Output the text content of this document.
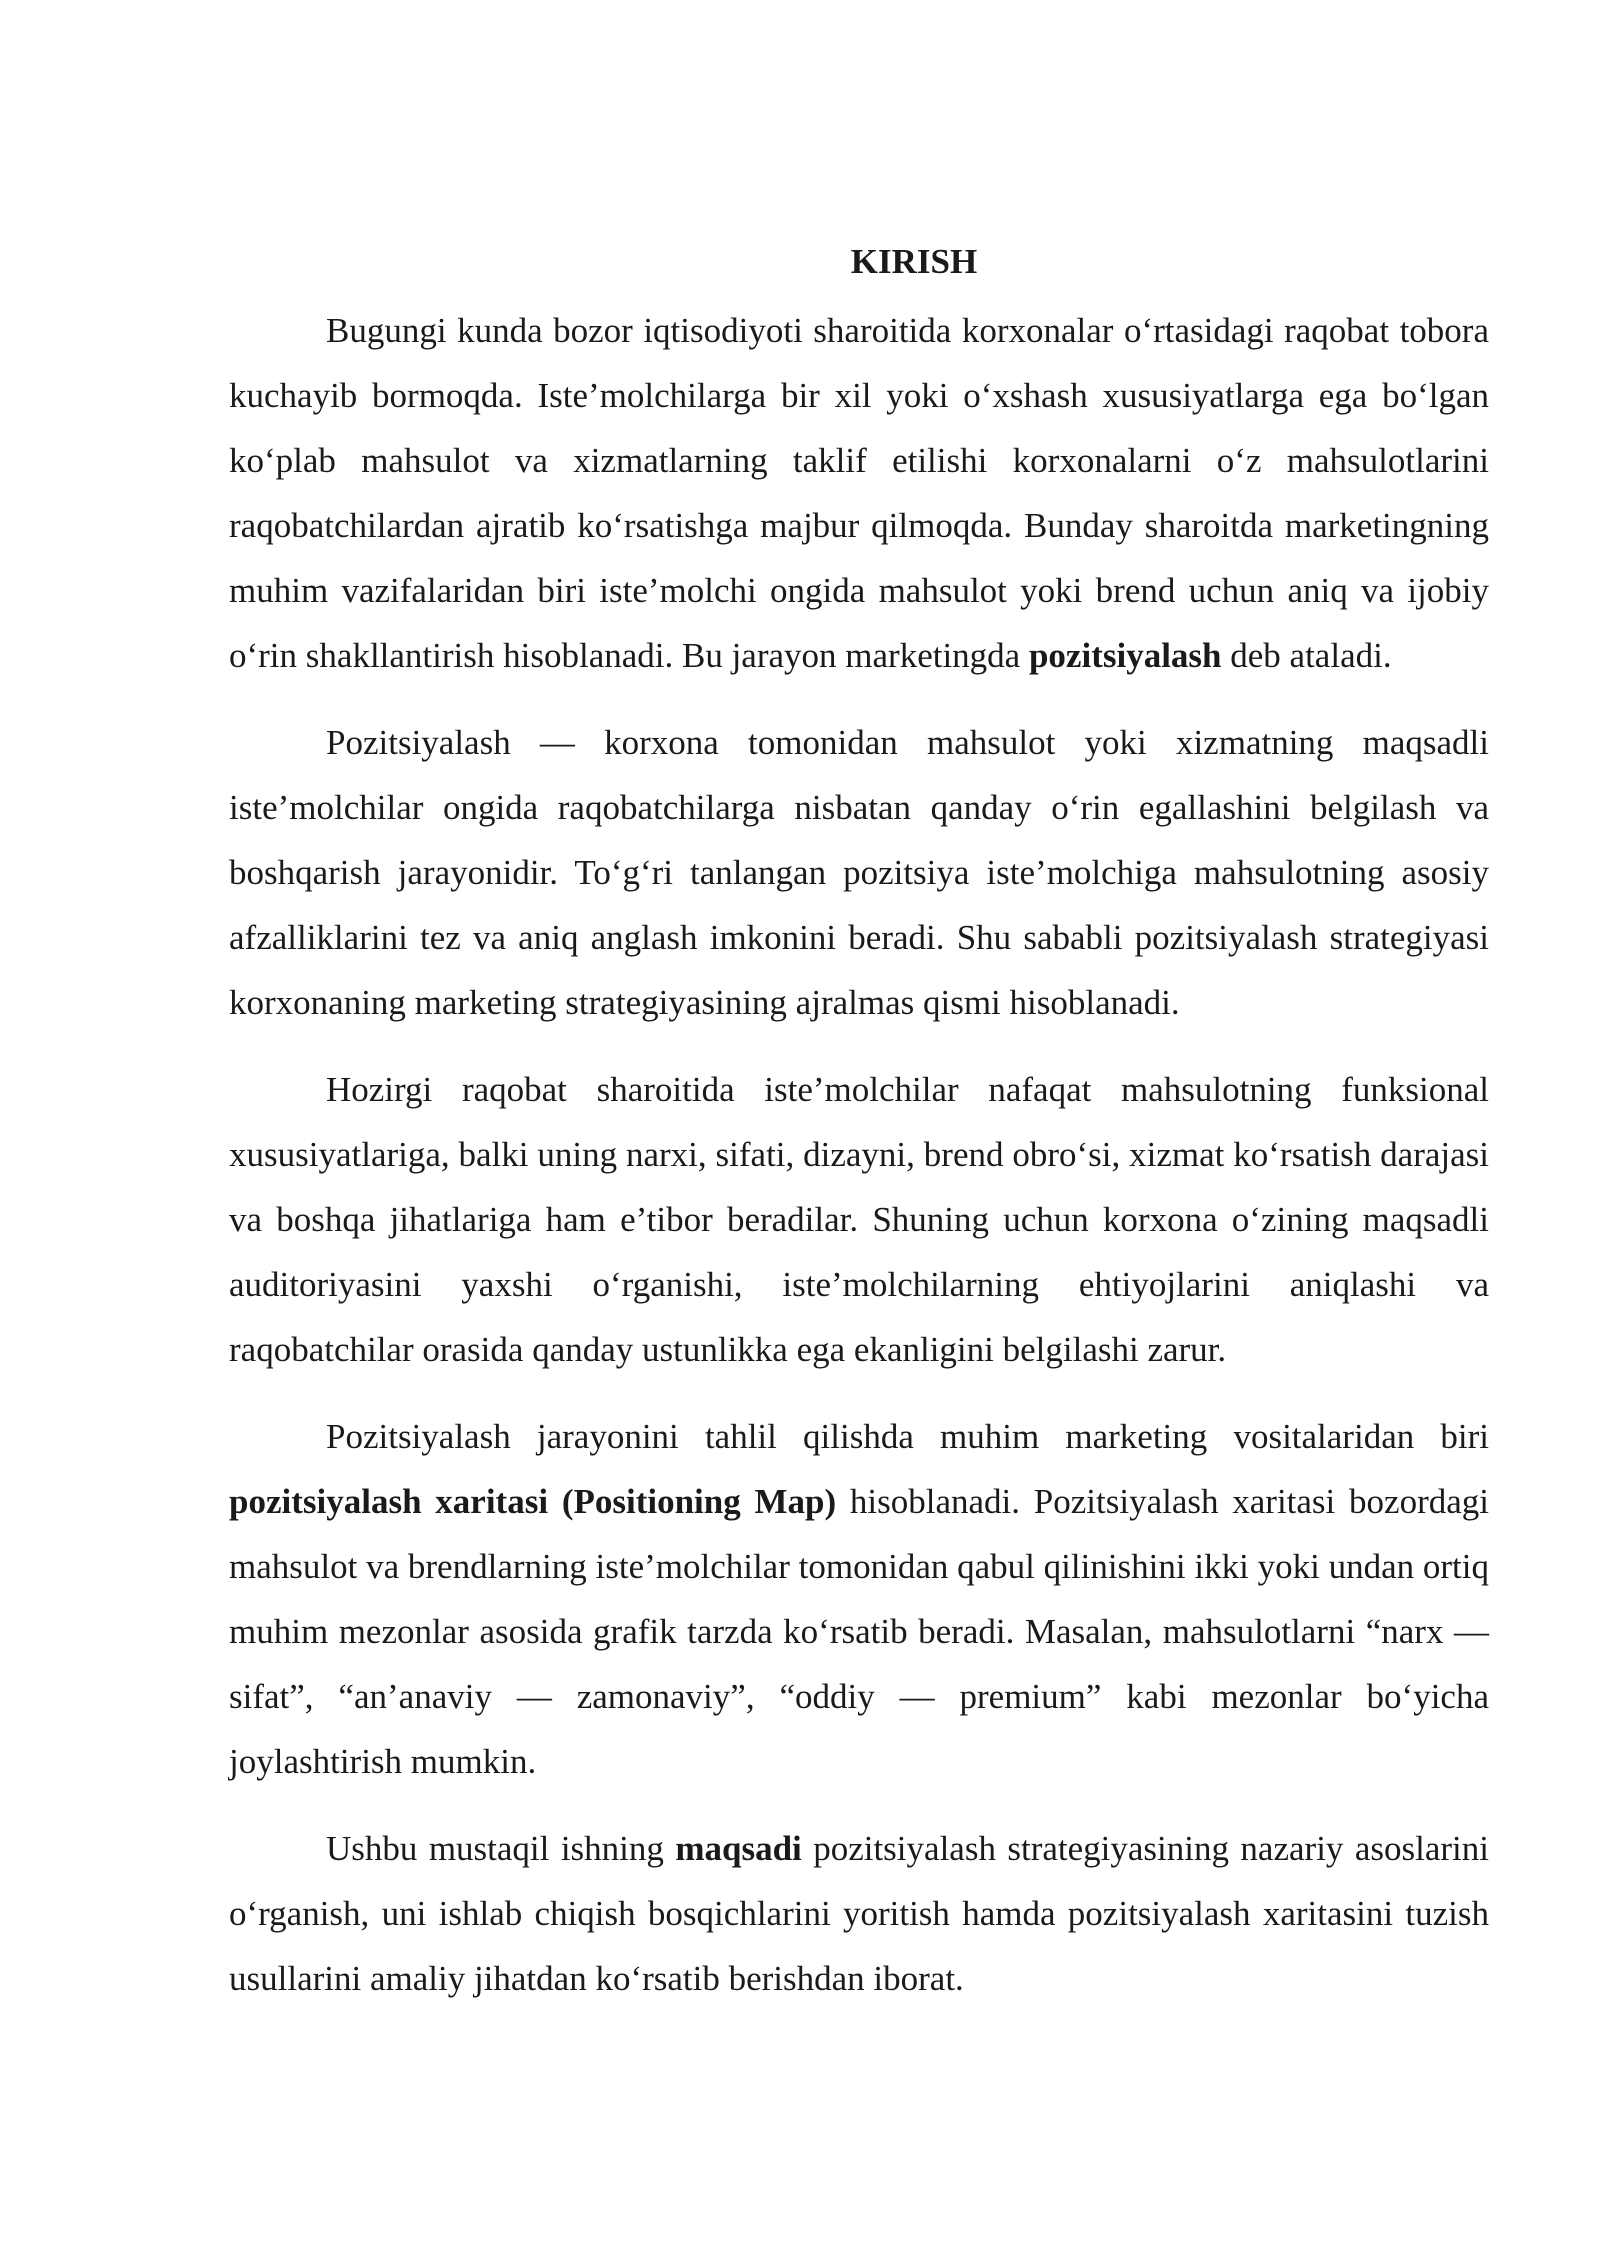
KIRISH

Bugungi kunda bozor iqtisodiyoti sharoitida korxonalar o‘rtasidagi raqobat tobora kuchayib bormoqda. Iste’molchilarga bir xil yoki o‘xshash xususiyatlarga ega bo‘lgan ko‘plab mahsulot va xizmatlarning taklif etilishi korxonalarni o‘z mahsulotlarini raqobatchilardan ajratib ko‘rsatishga majbur qilmoqda. Bunday sharoitda marketingning muhim vazifalaridan biri iste’molchi ongida mahsulot yoki brend uchun aniq va ijobiy o‘rin shakllantirish hisoblanadi. Bu jarayon marketingda pozitsiyalash deb ataladi.

Pozitsiyalash — korxona tomonidan mahsulot yoki xizmatning maqsadli iste’molchilar ongida raqobatchilarga nisbatan qanday o‘rin egallashini belgilash va boshqarish jarayonidir. To‘g‘ri tanlangan pozitsiya iste’molchiga mahsulotning asosiy afzalliklarini tez va aniq anglash imkonini beradi. Shu sababli pozitsiyalash strategiyasi korxonaning marketing strategiyasining ajralmas qismi hisoblanadi.

Hozirgi raqobat sharoitida iste’molchilar nafaqat mahsulotning funksional xususiyatlariga, balki uning narxi, sifati, dizayni, brend obro‘si, xizmat ko‘rsatish darajasi va boshqa jihatlariga ham e’tibor beradilar. Shuning uchun korxona o‘zining maqsadli auditoriyasini yaxshi o‘rganishi, iste’molchilarning ehtiyojlarini aniqlashi va raqobatchilar orasida qanday ustunlikka ega ekanligini belgilashi zarur.

Pozitsiyalash jarayonini tahlil qilishda muhim marketing vositalaridan biri pozitsiyalash xaritasi (Positioning Map) hisoblanadi. Pozitsiyalash xaritasi bozordagi mahsulot va brendlarning iste’molchilar tomonidan qabul qilinishini ikki yoki undan ortiq muhim mezonlar asosida grafik tarzda ko‘rsatib beradi. Masalan, mahsulotlarni “narx — sifat”, “an’anaviy — zamonaviy”, “oddiy — premium” kabi mezonlar bo‘yicha joylashtirish mumkin.

Ushbu mustaqil ishning maqsadi pozitsiyalash strategiyasining nazariy asoslarini o‘rganish, uni ishlab chiqish bosqichlarini yoritish hamda pozitsiyalash xaritasini tuzish usullarini amaliy jihatdan ko‘rsatib berishdan iborat.
